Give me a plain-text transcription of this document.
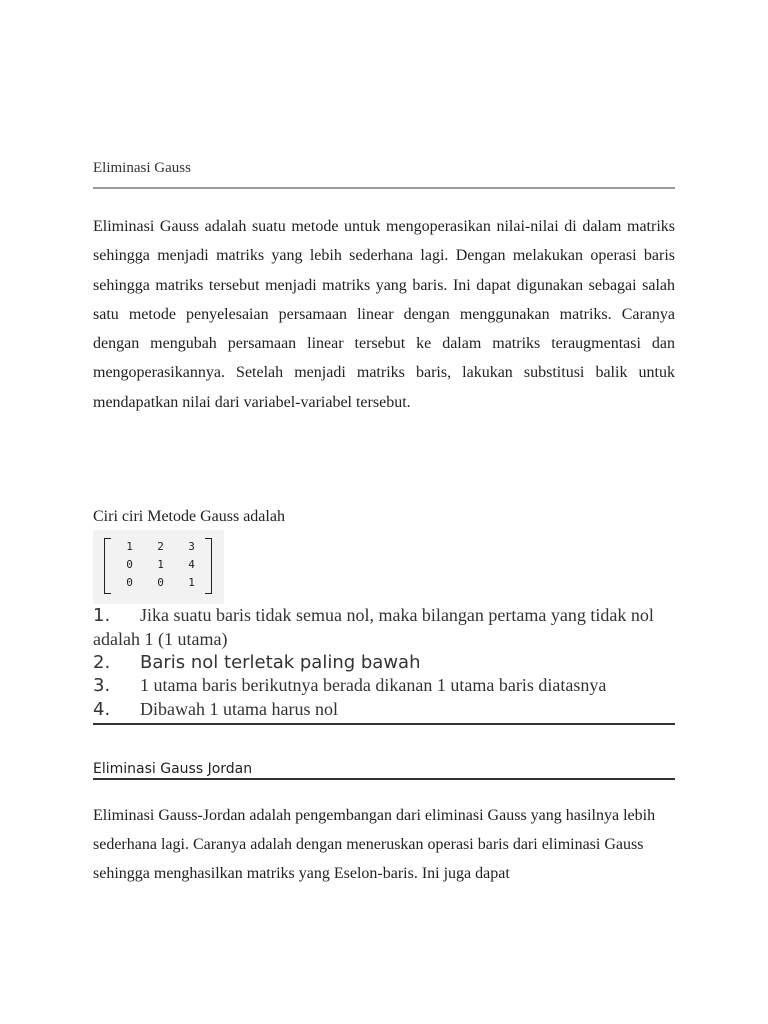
Eliminasi Gauss

Eliminasi Gauss adalah suatu metode untuk mengoperasikan nilai-nilai di dalam matriks sehingga menjadi matriks yang lebih sederhana lagi. Dengan melakukan operasi baris sehingga matriks tersebut menjadi matriks yang baris. Ini dapat digunakan sebagai salah satu metode penyelesaian persamaan linear dengan menggunakan matriks. Caranya dengan mengubah persamaan linear tersebut ke dalam matriks teraugmentasi dan mengoperasikannya. Setelah menjadi matriks baris, lakukan substitusi balik untuk mendapatkan nilai dari variabel-variabel tersebut.

Ciri ciri Metode Gauss adalah
1	2	3
0	1	4
0	0	1
1. Jika suatu baris tidak semua nol, maka bilangan pertama yang tidak nol adalah 1 (1 utama)
2. Baris nol terletak paling bawah
3. 1 utama baris berikutnya berada dikanan 1 utama baris diatasnya
4. Dibawah 1 utama harus nol
Eliminasi Gauss Jordan

Eliminasi Gauss-Jordan adalah pengembangan dari eliminasi Gauss yang hasilnya lebih sederhana lagi. Caranya adalah dengan meneruskan operasi baris dari eliminasi Gauss sehingga menghasilkan matriks yang Eselon-baris. Ini juga dapat
